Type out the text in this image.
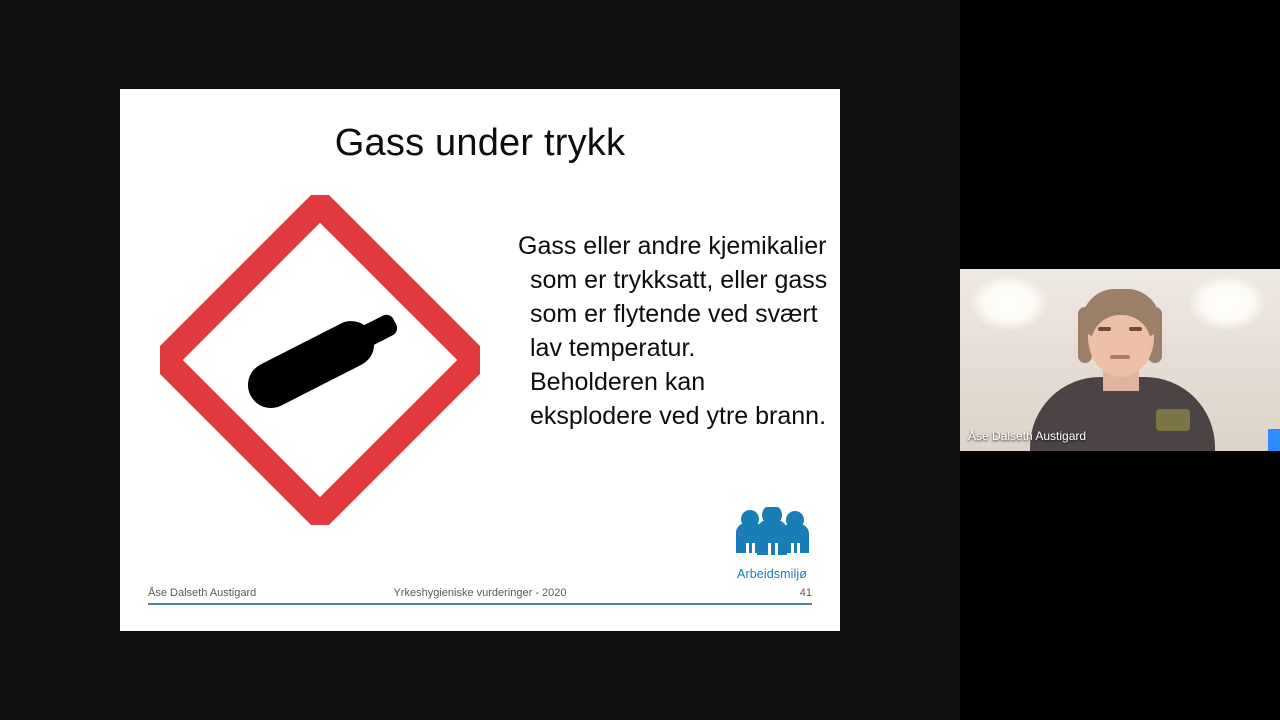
Gass under trykk
Gass eller andre kjemikalier som er trykksatt, eller gass som er flytende ved svært lav temperatur. Beholderen kan eksplodere ved ytre brann.
Arbeidsmiljø
Åse Dalseth Austigard	Yrkeshygieniske vurderinger - 2020	41
Åse Dalseth Austigard
